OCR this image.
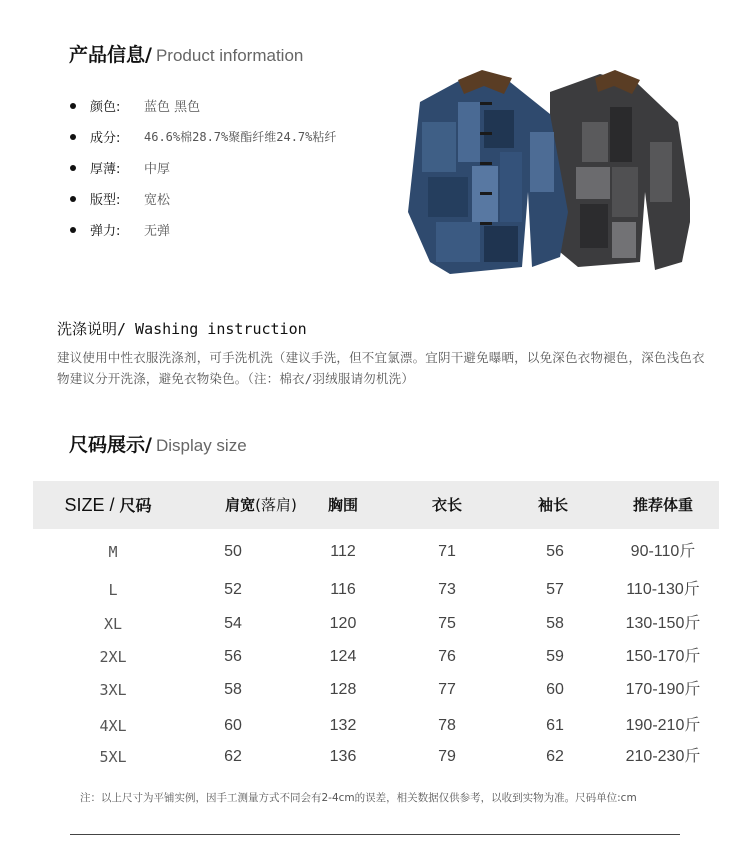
产品信息/ Product information
颜色:	蓝色 黑色
成分:	46.6%棉28.7%聚酯纤维24.7%粘纤
厚薄:	中厚
版型:	宽松
弹力:	无弹
洗涤说明/ Washing instruction
建议使用中性衣服洗涤剂，可手洗机洗（建议手洗，但不宜氯漂。宜阴干避免曝晒，以免深色衣物褪色，深色浅色衣物建议分开洗涤，避免衣物染色。（注：棉衣/羽绒服请勿机洗）
尺码展示/ Display size
SIZE / 尺码	肩宽(落肩)	胸围	衣长	袖长	推荐体重
M	50	112	71	56	90-110斤
L	52	116	73	57	110-130斤
XL	54	120	75	58	130-150斤
2XL	56	124	76	59	150-170斤
3XL	58	128	77	60	170-190斤
4XL	60	132	78	61	190-210斤
5XL	62	136	79	62	210-230斤
注：以上尺寸为平铺实例，因手工测量方式不同会有2-4cm的误差，相关数据仅供参考，以收到实物为准。尺码单位:cm
